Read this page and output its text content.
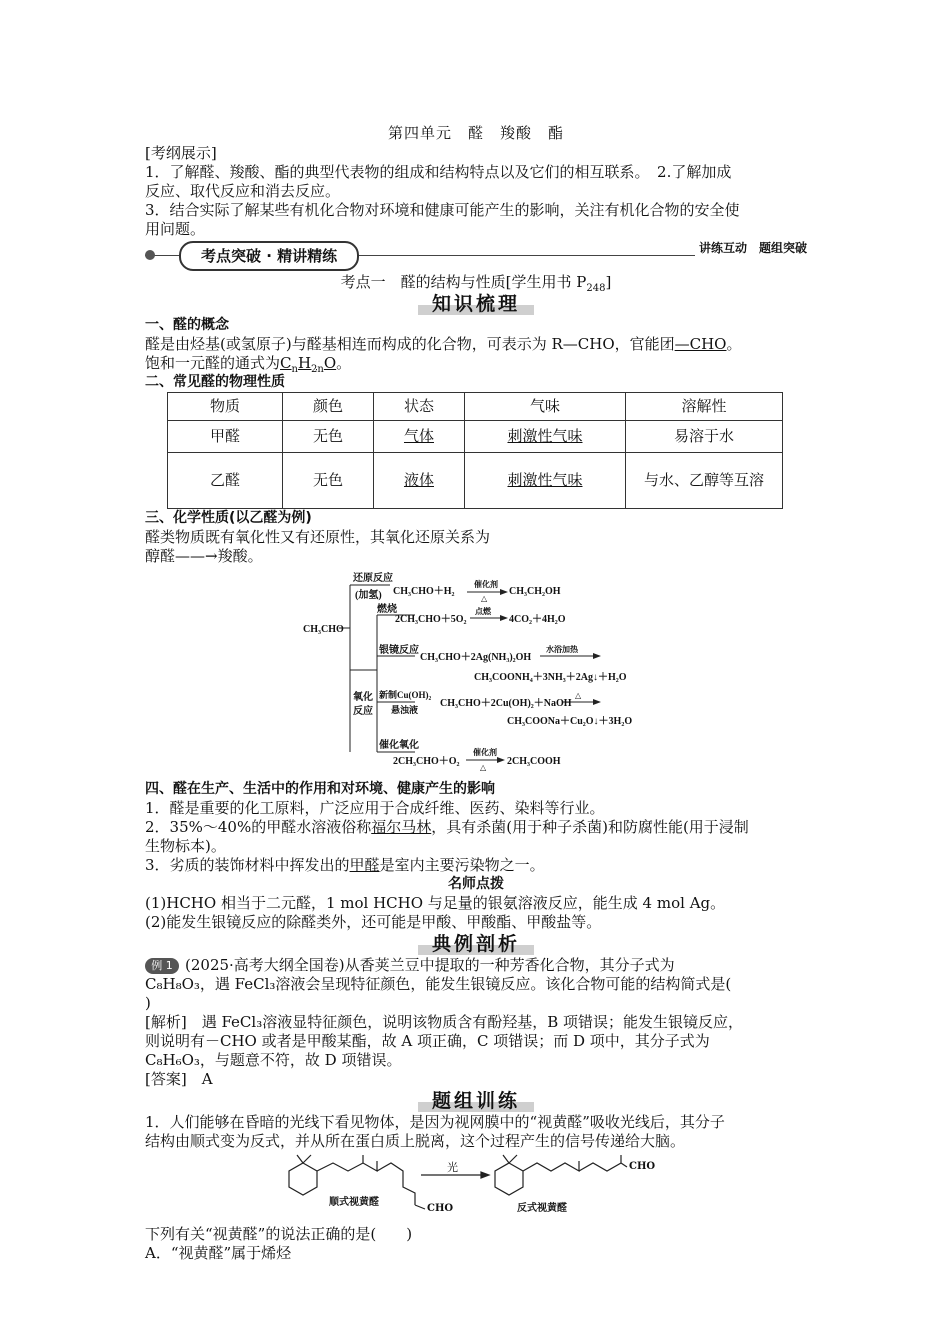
第四单元　醛　羧酸　酯
[考纲展示]
1．了解醛、羧酸、酯的典型代表物的组成和结构特点以及它们的相互联系。　2.了解加成
反应、取代反应和消去反应。
3．结合实际了解某些有机化合物对环境和健康可能产生的影响，关注有机化合物的安全使
用问题。
考点突破 · 精讲精练	讲练互动　题组突破
考点一　醛的结构与性质[学生用书 $P_{248}$]
知识梳理
一、醛的概念
醛是由烃基(或氢原子)与醛基相连而构成的化合物，可表示为 R—CHO，官能团—CHO。
饱和一元醛的通式为$C_nH_{2n}O$。
二、常见醛的物理性质
物质	颜色	状态	气味	溶解性
甲醛	无色	气体	刺激性气味	易溶于水
乙醛	无色	液体	刺激性气味	与水、乙醇等互溶
三、化学性质(以乙醛为例)
醛类物质既有氧化性又有还原性，其氧化还原关系为
醇醛——→羧酸。
CH₃CHO
还原反应
(加氢) CH₃CHO＋H₂
催化剂
△
CH₃CH₂OH
氧化
反应
燃烧
2CH₃CHO＋5O₂
点燃
4CO₂＋4H₂O
银镜反应
CH₃CHO＋2Ag(NH₃)₂OH
水浴加热
CH₃COONH₄＋3NH₃＋2Ag↓＋H₂O
新制Cu(OH)₂
悬浊液
CH₃CHO＋2Cu(OH)₂＋NaOH
△
CH₃COONa＋Cu₂O↓＋3H₂O
催化氧化
2CH₃CHO＋O₂
催化剂
△
2CH₃COOH
四、醛在生产、生活中的作用和对环境、健康产生的影响
1．醛是重要的化工原料，广泛应用于合成纤维、医药、染料等行业。
2．35%～40%的甲醛水溶液俗称福尔马林，具有杀菌(用于种子杀菌)和防腐性能(用于浸制
生物标本)。
3．劣质的装饰材料中挥发出的甲醛是室内主要污染物之一。
名师点拨
(1)HCHO 相当于二元醛，1 mol HCHO 与足量的银氨溶液反应，能生成 4 mol Ag。
(2)能发生银镜反应的除醛类外，还可能是甲酸、甲酸酯、甲酸盐等。
典例剖析
例 1 (2025·高考大纲全国卷)从香荚兰豆中提取的一种芳香化合物，其分子式为
C₈H₈O₃，遇 FeCl₃溶液会呈现特征颜色，能发生银镜反应。该化合物可能的结构简式是(
)
[解析]　遇 FeCl₃溶液显特征颜色，说明该物质含有酚羟基，B 项错误；能发生银镜反应，
则说明有－CHO 或者是甲酸某酯，故 A 项正确，C 项错误；而 D 项中，其分子式为
C₈H₆O₃，与题意不符，故 D 项错误。
[答案]　A
题组训练
1．人们能够在昏暗的光线下看见物体，是因为视网膜中的“视黄醛”吸收光线后，其分子
结构由顺式变为反式，并从所在蛋白质上脱离，这个过程产生的信号传递给大脑。
顺式视黄醛
CHO
光
反式视黄醛
CHO
下列有关“视黄醛”的说法正确的是(　　)
A．“视黄醛”属于烯烃
